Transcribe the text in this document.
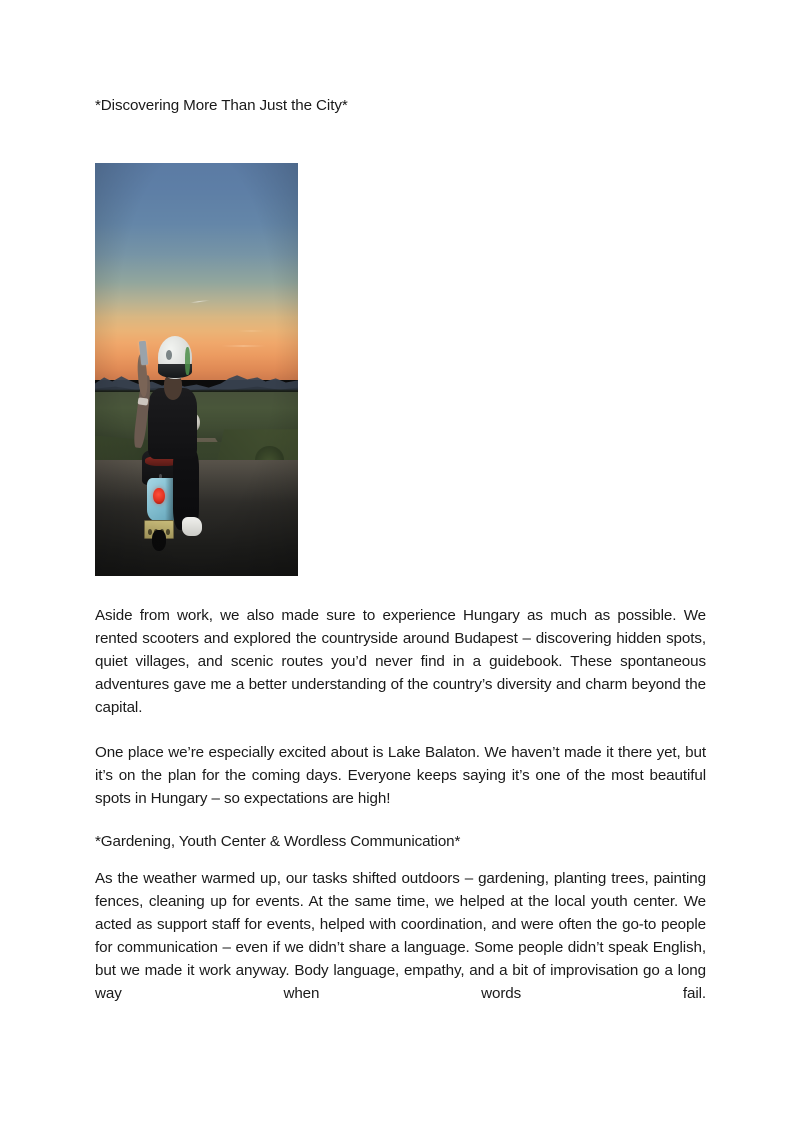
*Discovering More Than Just the City*

Aside from work, we also made sure to experience Hungary as much as possible. We rented scooters and explored the countryside around Budapest – discovering hidden spots, quiet villages, and scenic routes you’d never find in a guidebook. These spontaneous adventures gave me a better understanding of the country’s diversity and charm beyond the capital.

One place we’re especially excited about is Lake Balaton. We haven’t made it there yet, but it’s on the plan for the coming days. Everyone keeps saying it’s one of the most beautiful spots in Hungary – so expectations are high!

*Gardening, Youth Center & Wordless Communication*

As the weather warmed up, our tasks shifted outdoors – gardening, planting trees, painting fences, cleaning up for events. At the same time, we helped at the local youth center. We acted as support staff for events, helped with coordination, and were often the go-to people for communication – even if we didn’t share a language. Some people didn’t speak English, but we made it work anyway. Body language, empathy, and a bit of improvisation go a long way when words fail.
